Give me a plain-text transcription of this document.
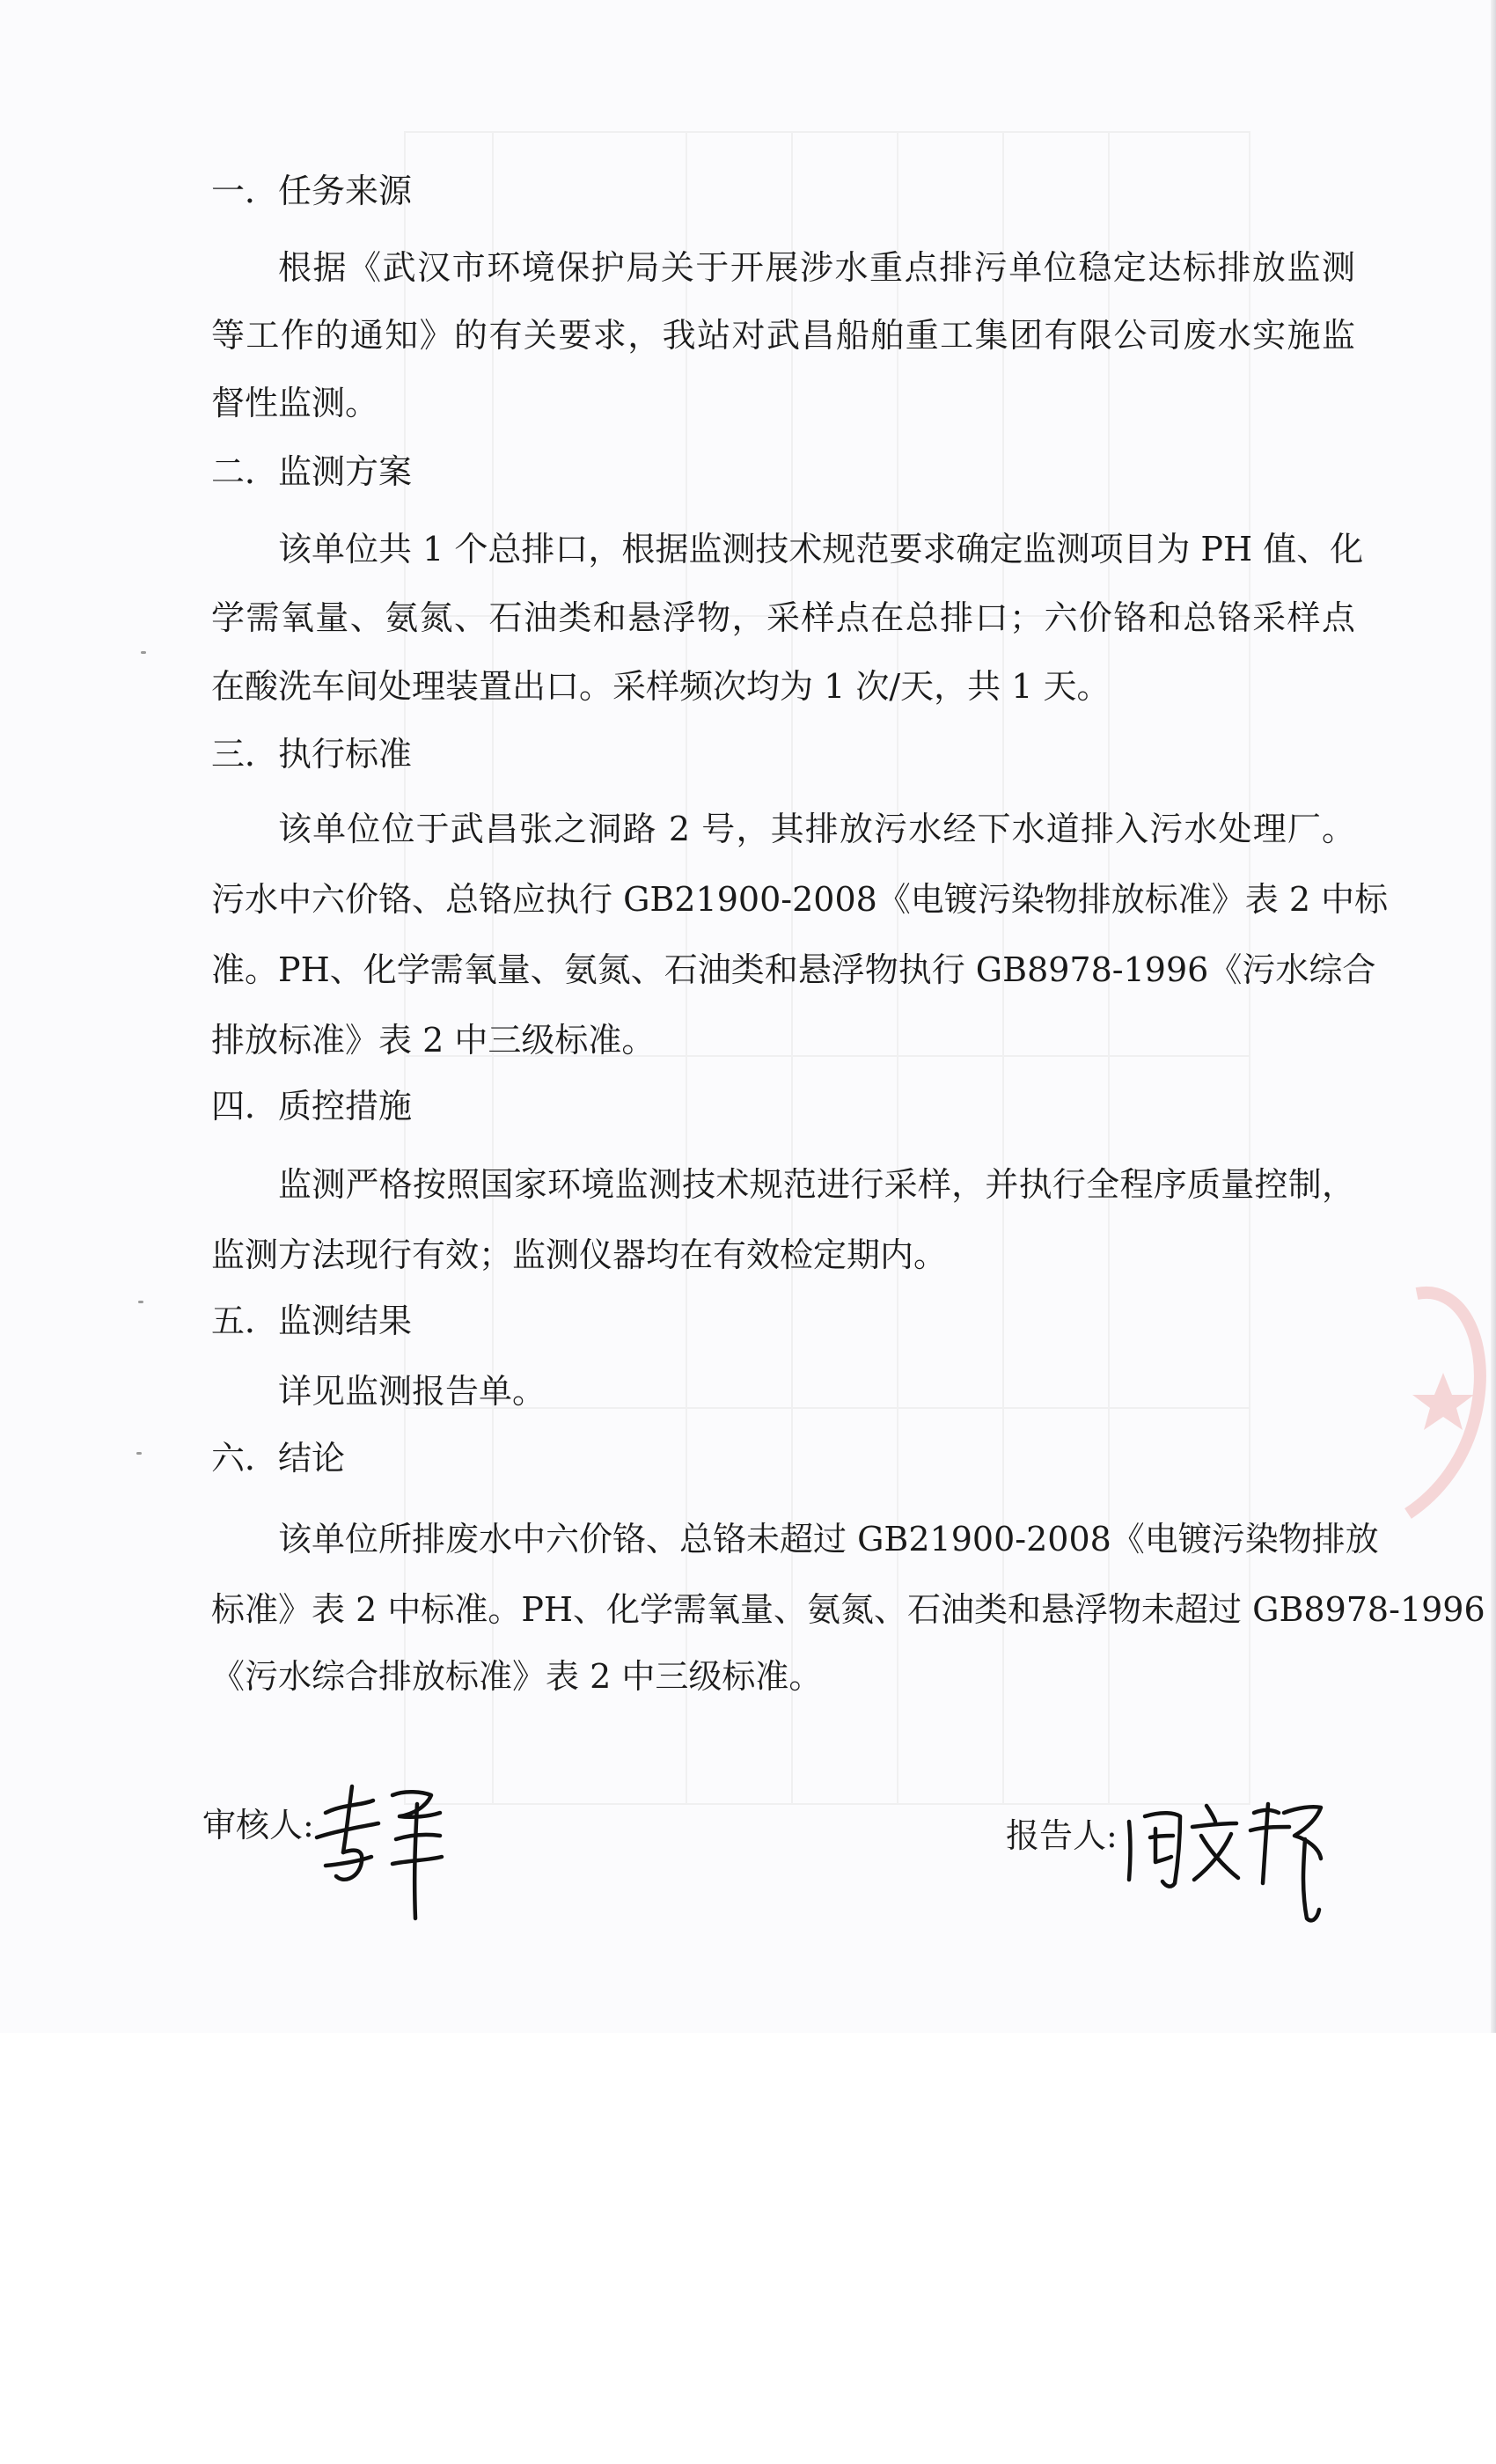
一．任务来源
根据《武汉市环境保护局关于开展涉水重点排污单位稳定达标排放监测
等工作的通知》的有关要求，我站对武昌船舶重工集团有限公司废水实施监
督性监测。
二．监测方案
该单位共 1 个总排口，根据监测技术规范要求确定监测项目为 PH 值、化
学需氧量、氨氮、石油类和悬浮物，采样点在总排口；六价铬和总铬采样点
在酸洗车间处理装置出口。采样频次均为 1 次/天，共 1 天。
三．执行标准
该单位位于武昌张之洞路 2 号，其排放污水经下水道排入污水处理厂。
污水中六价铬、总铬应执行 GB21900-2008《电镀污染物排放标准》表 2 中标
准。PH、化学需氧量、氨氮、石油类和悬浮物执行 GB8978-1996《污水综合
排放标准》表 2 中三级标准。
四．质控措施
监测严格按照国家环境监测技术规范进行采样，并执行全程序质量控制，
监测方法现行有效；监测仪器均在有效检定期内。
五．监测结果
详见监测报告单。
六．结论
该单位所排废水中六价铬、总铬未超过 GB21900-2008《电镀污染物排放
标准》表 2 中标准。PH、化学需氧量、氨氮、石油类和悬浮物未超过 GB8978-1996
《污水综合排放标准》表 2 中三级标准。
审核人:	报告人:
